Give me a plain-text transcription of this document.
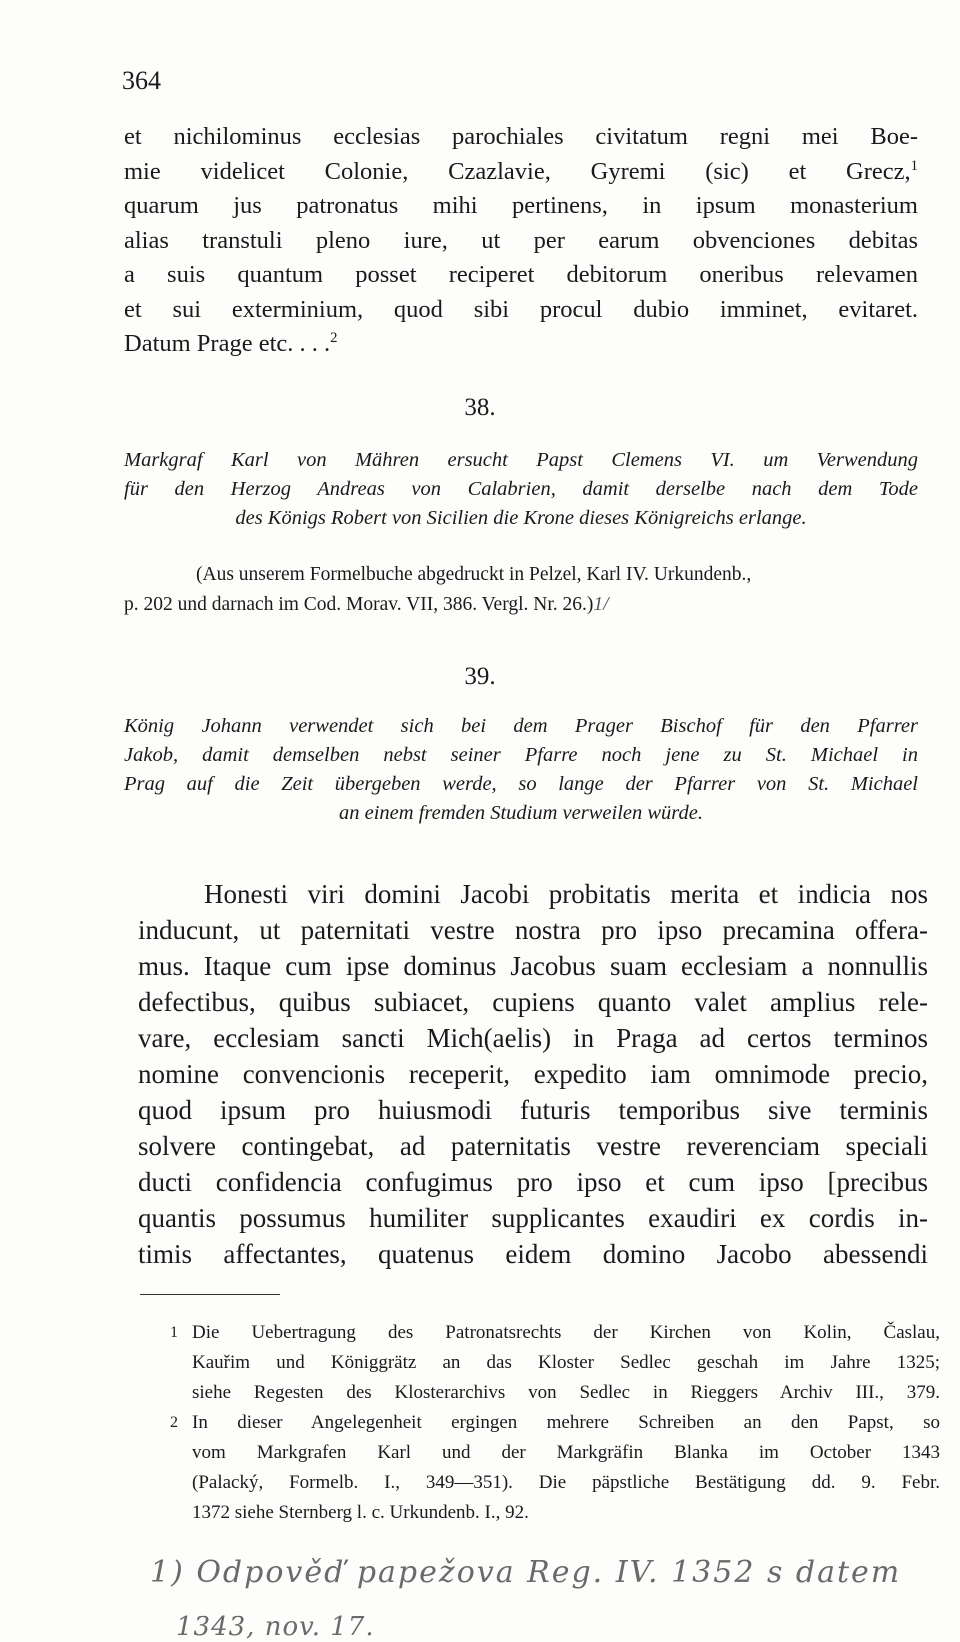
364
et nichilominus ecclesias parochiales civitatum regni mei Boe-
mie videlicet Colonie, Czazlavie, Gyremi (sic) et Grecz,$^1$
quarum jus patronatus mihi pertinens, in ipsum monasterium
alias transtuli pleno iure, ut per earum obvenciones debitas
a suis quantum posset reciperet debitorum oneribus relevamen
et sui exterminium, quod sibi procul dubio imminet, evitaret.
Datum Prage etc. . . .$^2$
38.
Markgraf Karl von Mähren ersucht Papst Clemens VI. um Verwendung
für den Herzog Andreas von Calabrien, damit derselbe nach dem Tode
des Königs Robert von Sicilien die Krone dieses Königreichs erlange.
(Aus unserem Formelbuche abgedruckt in Pelzel, Karl IV. Urkundenb.,
p. 202 und darnach im Cod. Morav. VII, 386. Vergl. Nr. 26.) 1/
39.
König Johann verwendet sich bei dem Prager Bischof für den Pfarrer
Jakob, damit demselben nebst seiner Pfarre noch jene zu St. Michael in
Prag auf die Zeit übergeben werde, so lange der Pfarrer von St. Michael
an einem fremden Studium verweilen würde.
Honesti viri domini Jacobi probitatis merita et indicia nos
inducunt, ut paternitati vestre nostra pro ipso precamina offera-
mus. Itaque cum ipse dominus Jacobus suam ecclesiam a nonnullis
defectibus, quibus subiacet, cupiens quanto valet amplius rele-
vare, ecclesiam sancti Mich(aelis) in Praga ad certos terminos
nomine convencionis receperit, expedito iam omnimode precio,
quod ipsum pro huiusmodi futuris temporibus sive terminis
solvere contingebat, ad paternitatis vestre reverenciam speciali
ducti confidencia confugimus pro ipso et cum ipso [precibus
quantis possumus humiliter supplicantes exaudiri ex cordis in-
timis affectantes, quatenus eidem domino Jacobo abessendi
1 Die Uebertragung des Patronatsrechts der Kirchen von Kolin, Časlau,
Kauřim und Königgrätz an das Kloster Sedlec geschah im Jahre 1325;
siehe Regesten des Klosterarchivs von Sedlec in Rieggers Archiv III., 379.
2 In dieser Angelegenheit ergingen mehrere Schreiben an den Papst, so
vom Markgrafen Karl und der Markgräfin Blanka im October 1343
(Palacký, Formelb. I., 349—351). Die päpstliche Bestätigung dd. 9. Febr.
1372 siehe Sternberg l. c. Urkundenb. I., 92.
1) Odpověď papežova Reg. IV. 1352 s datem
1343, nov. 17.
